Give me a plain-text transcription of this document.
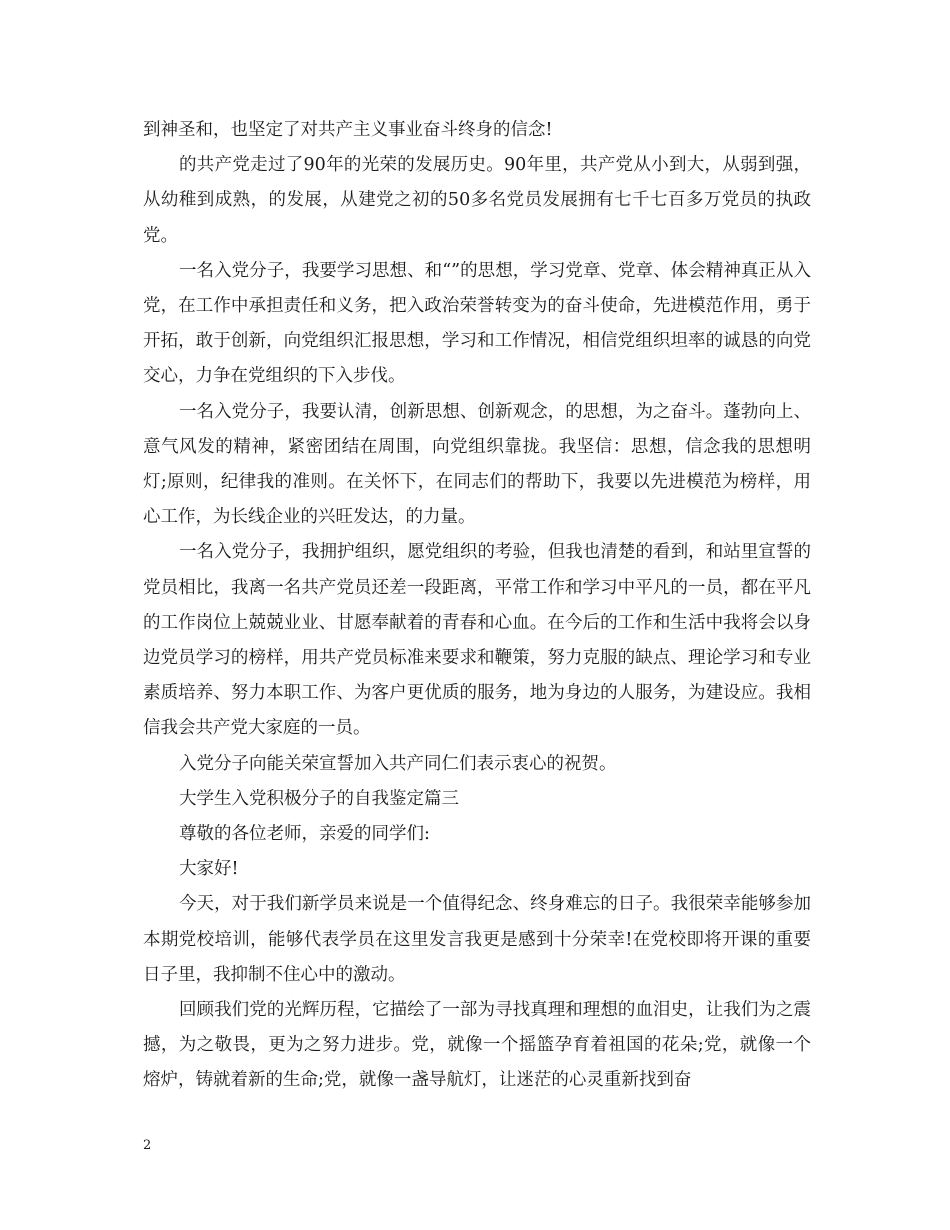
到神圣和，也坚定了对共产主义事业奋斗终身的信念!

的共产党走过了90年的光荣的发展历史。90年里，共产党从小到大，从弱到强，从幼稚到成熟，的发展，从建党之初的50多名党员发展拥有七千七百多万党员的执政党。

一名入党分子，我要学习思想、和“”的思想，学习党章、党章、体会精神真正从入党，在工作中承担责任和义务，把入政治荣誉转变为的奋斗使命，先进模范作用，勇于开拓，敢于创新，向党组织汇报思想，学习和工作情况，相信党组织坦率的诚恳的向党交心，力争在党组织的下入步伐。

一名入党分子，我要认清，创新思想、创新观念，的思想，为之奋斗。蓬勃向上、意气风发的精神，紧密团结在周围，向党组织靠拢。我坚信：思想，信念我的思想明灯;原则，纪律我的准则。在关怀下，在同志们的帮助下，我要以先进模范为榜样，用心工作，为长线企业的兴旺发达，的力量。

一名入党分子，我拥护组织，愿党组织的考验，但我也清楚的看到，和站里宣誓的党员相比，我离一名共产党员还差一段距离，平常工作和学习中平凡的一员，都在平凡的工作岗位上兢兢业业、甘愿奉献着的青春和心血。在今后的工作和生活中我将会以身边党员学习的榜样，用共产党员标准来要求和鞭策，努力克服的缺点、理论学习和专业素质培养、努力本职工作、为客户更优质的服务，地为身边的人服务，为建设应。我相信我会共产党大家庭的一员。

入党分子向能关荣宣誓加入共产同仁们表示衷心的祝贺。

大学生入党积极分子的自我鉴定篇三

尊敬的各位老师，亲爱的同学们:

大家好!

今天，对于我们新学员来说是一个值得纪念、终身难忘的日子。我很荣幸能够参加本期党校培训，能够代表学员在这里发言我更是感到十分荣幸!在党校即将开课的重要日子里，我抑制不住心中的激动。

回顾我们党的光辉历程，它描绘了一部为寻找真理和理想的血泪史，让我们为之震撼，为之敬畏，更为之努力进步。党，就像一个摇篮孕育着祖国的花朵;党，就像一个熔炉，铸就着新的生命;党，就像一盏导航灯，让迷茫的心灵重新找到奋

2
